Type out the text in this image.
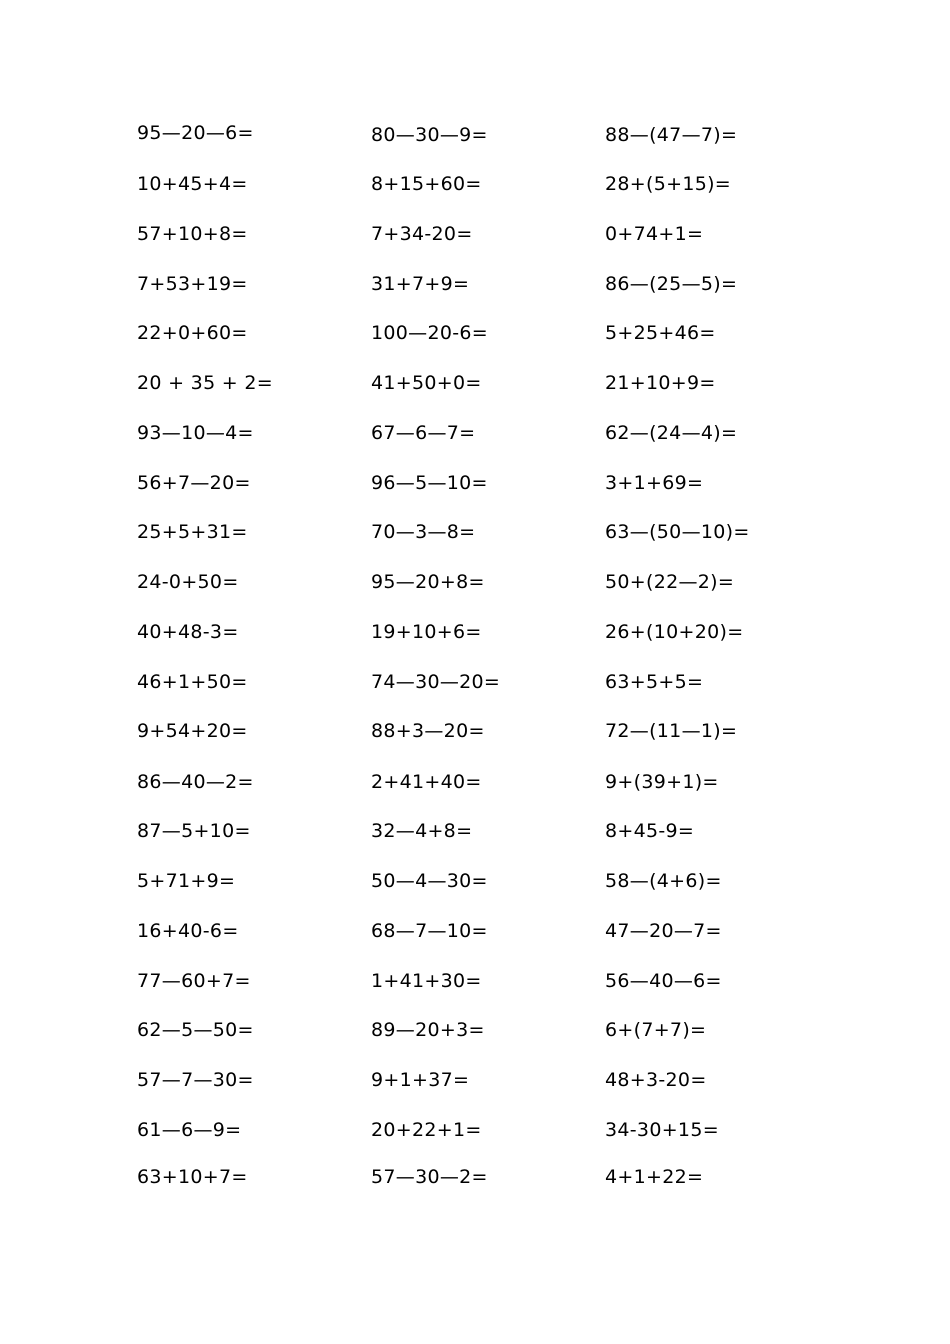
95—20—6=
10+45+4=
57+10+8=
7+53+19=
22+0+60=
20 + 35 + 2=
93—10—4=
56+7—20=
25+5+31=
24-0+50=
40+48-3=
46+1+50=
9+54+20=
86—40—2=
87—5+10=
5+71+9=
16+40-6=
77—60+7=
62—5—50=
57—7—30=
61—6—9=
63+10+7=
80—30—9=
8+15+60=
7+34-20=
31+7+9=
100—20-6=
41+50+0=
67—6—7=
96—5—10=
70—3—8=
95—20+8=
19+10+6=
74—30—20=
88+3—20=
2+41+40=
32—4+8=
50—4—30=
68—7—10=
1+41+30=
89—20+3=
9+1+37=
20+22+1=
57—30—2=
88—(47—7)=
28+(5+15)=
0+74+1=
86—(25—5)=
5+25+46=
21+10+9=
62—(24—4)=
3+1+69=
63—(50—10)=
50+(22—2)=
26+(10+20)=
63+5+5=
72—(11—1)=
9+(39+1)=
8+45-9=
58—(4+6)=
47—20—7=
56—40—6=
6+(7+7)=
48+3-20=
34-30+15=
4+1+22=
